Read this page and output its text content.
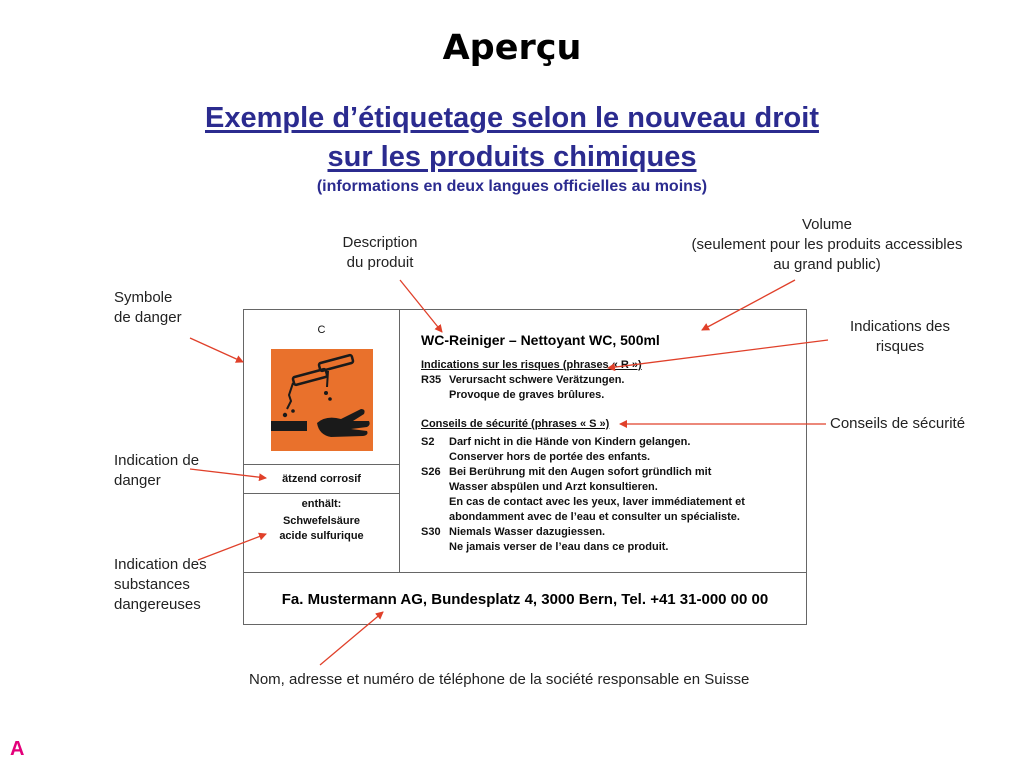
Aperçu
Exemple d’étiquetage selon le nouveau droit
sur les produits chimiques
(informations en deux langues officielles au moins)
Symbole
de danger
Description
du produit
Volume
(seulement pour les produits accessibles
au grand public)
Indications des
risques
Conseils de sécurité
Indication de
danger
Indication des
substances
dangereuses
Nom, adresse et numéro de téléphone de la société responsable en Suisse
C
ätzend corrosif
enthält:
Schwefelsäure
acide sulfurique
WC-Reiniger – Nettoyant WC, 500ml
Indications sur les risques (phrases « R »)
R35 Verursacht schwere Verätzungen.
Provoque de graves brûlures.
Conseils de sécurité (phrases « S »)
S2	Darf nicht in die Hände von Kindern gelangen.
Conserver hors de portée des enfants.
S26 Bei Berührung mit den Augen sofort gründlich mit
Wasser abspülen und Arzt konsultieren.
En cas de contact avec les yeux, laver immédiatement et
abondamment avec de l’eau et consulter un spécialiste.
S30 Niemals Wasser dazugiessen.
Ne jamais verser de l’eau dans ce produit.
Fa. Mustermann AG, Bundesplatz 4, 3000 Bern, Tel. +41 31-000 00 00
A
